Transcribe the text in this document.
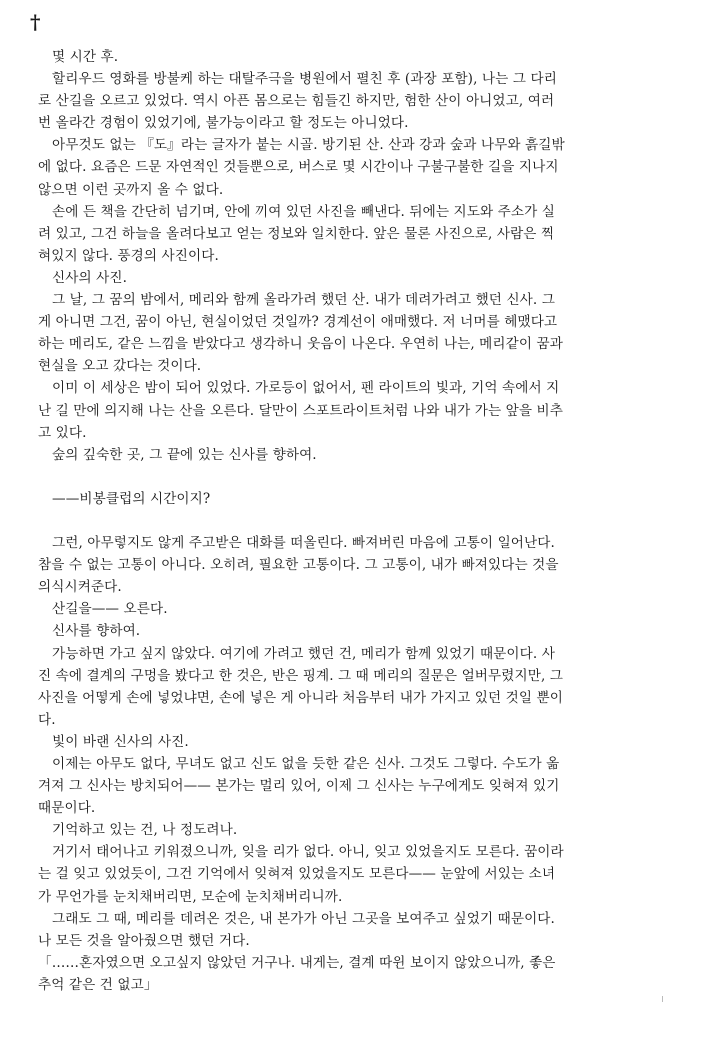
†
몇 시간 후.
할리우드 영화를 방불케 하는 대탈주극을 병원에서 펼친 후 (과장 포함), 나는 그 다리
로 산길을 오르고 있었다. 역시 아픈 몸으로는 힘들긴 하지만, 험한 산이 아니었고, 여러
번 올라간 경험이 있었기에, 불가능이라고 할 정도는 아니었다.
아무것도 없는 『도』라는 글자가 붙는 시골. 방기된 산. 산과 강과 숲과 나무와 흙길밖
에 없다. 요즘은 드문 자연적인 것들뿐으로, 버스로 몇 시간이나 구불구불한 길을 지나지
않으면 이런 곳까지 올 수 없다.
손에 든 책을 간단히 넘기며, 안에 끼여 있던 사진을 빼낸다. 뒤에는 지도와 주소가 실
려 있고, 그건 하늘을 올려다보고 얻는 정보와 일치한다. 앞은 물론 사진으로, 사람은 찍
혀있지 않다. 풍경의 사진이다.
신사의 사진.
그 날, 그 꿈의 밤에서, 메리와 함께 올라가려 했던 산. 내가 데려가려고 했던 신사. 그
게 아니면 그건, 꿈이 아닌, 현실이었던 것일까? 경계선이 애매했다. 저 너머를 헤맸다고
하는 메리도, 같은 느낌을 받았다고 생각하니 웃음이 나온다. 우연히 나는, 메리같이 꿈과
현실을 오고 갔다는 것이다.
이미 이 세상은 밤이 되어 있었다. 가로등이 없어서, 펜 라이트의 빛과, 기억 속에서 지
난 길 만에 의지해 나는 산을 오른다. 달만이 스포트라이트처럼 나와 내가 가는 앞을 비추
고 있다.
숲의 깊숙한 곳, 그 끝에 있는 신사를 향하여.
——비봉클럽의 시간이지?
그런, 아무렇지도 않게 주고받은 대화를 떠올린다. 빠져버린 마음에 고통이 일어난다.
참을 수 없는 고통이 아니다. 오히려, 필요한 고통이다. 그 고통이, 내가 빠져있다는 것을
의식시켜준다.
산길을—— 오른다.
신사를 향하여.
가능하면 가고 싶지 않았다. 여기에 가려고 했던 건, 메리가 함께 있었기 때문이다. 사
진 속에 결계의 구멍을 봤다고 한 것은, 반은 핑계. 그 때 메리의 질문은 얼버무렸지만, 그
사진을 어떻게 손에 넣었냐면, 손에 넣은 게 아니라 처음부터 내가 가지고 있던 것일 뿐이
다.
빛이 바랜 신사의 사진.
이제는 아무도 없다, 무녀도 없고 신도 없을 듯한 같은 신사. 그것도 그렇다. 수도가 옮
겨져 그 신사는 방치되어—— 본가는 멀리 있어, 이제 그 신사는 누구에게도 잊혀져 있기
때문이다.
기억하고 있는 건, 나 정도려나.
거기서 태어나고 키워졌으니까, 잊을 리가 없다. 아니, 잊고 있었을지도 모른다. 꿈이라
는 걸 잊고 있었듯이, 그건 기억에서 잊혀져 있었을지도 모른다—— 눈앞에 서있는 소녀
가 무언가를 눈치채버리면, 모순에 눈치채버리니까.
그래도 그 때, 메리를 데려온 것은, 내 본가가 아닌 그곳을 보여주고 싶었기 때문이다.
나 모든 것을 알아줬으면 했던 거다.
「……혼자였으면 오고싶지 않았던 거구나. 내게는, 결계 따윈 보이지 않았으니까, 좋은
추억 같은 건 없고」
